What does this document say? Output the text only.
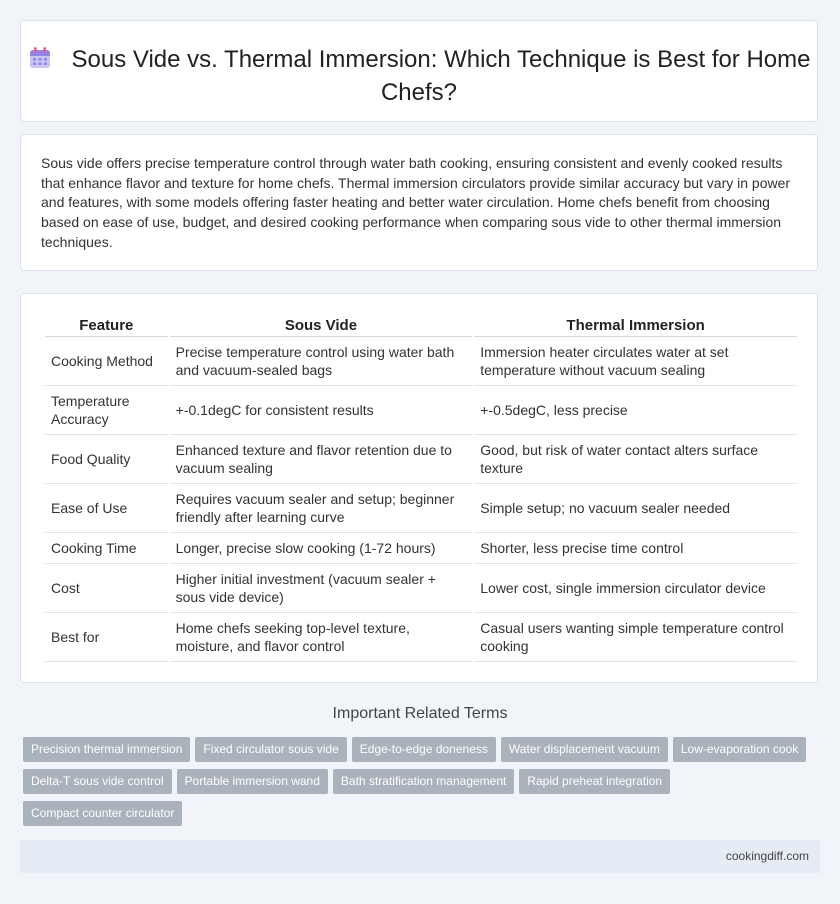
Sous Vide vs. Thermal Immersion: Which Technique is Best for Home Chefs?

Sous vide offers precise temperature control through water bath cooking, ensuring consistent and evenly cooked results that enhance flavor and texture for home chefs. Thermal immersion circulators provide similar accuracy but vary in power and features, with some models offering faster heating and better water circulation. Home chefs benefit from choosing based on ease of use, budget, and desired cooking performance when comparing sous vide to other thermal immersion techniques.

Feature	Sous Vide	Thermal Immersion
Cooking Method	Precise temperature control using water bath and vacuum-sealed bags	Immersion heater circulates water at set temperature without vacuum sealing
Temperature Accuracy	+-0.1degC for consistent results	+-0.5degC, less precise
Food Quality	Enhanced texture and flavor retention due to vacuum sealing	Good, but risk of water contact alters surface texture
Ease of Use	Requires vacuum sealer and setup; beginner friendly after learning curve	Simple setup; no vacuum sealer needed
Cooking Time	Longer, precise slow cooking (1-72 hours)	Shorter, less precise time control
Cost	Higher initial investment (vacuum sealer + sous vide device)	Lower cost, single immersion circulator device
Best for	Home chefs seeking top-level texture, moisture, and flavor control	Casual users wanting simple temperature control cooking
Important Related Terms
Precision thermal immersion Fixed circulator sous vide Edge-to-edge doneness Water displacement vacuum Low-evaporation cook
Delta-T sous vide control Portable immersion wand Bath stratification management Rapid preheat integration
Compact counter circulator
cookingdiff.com
